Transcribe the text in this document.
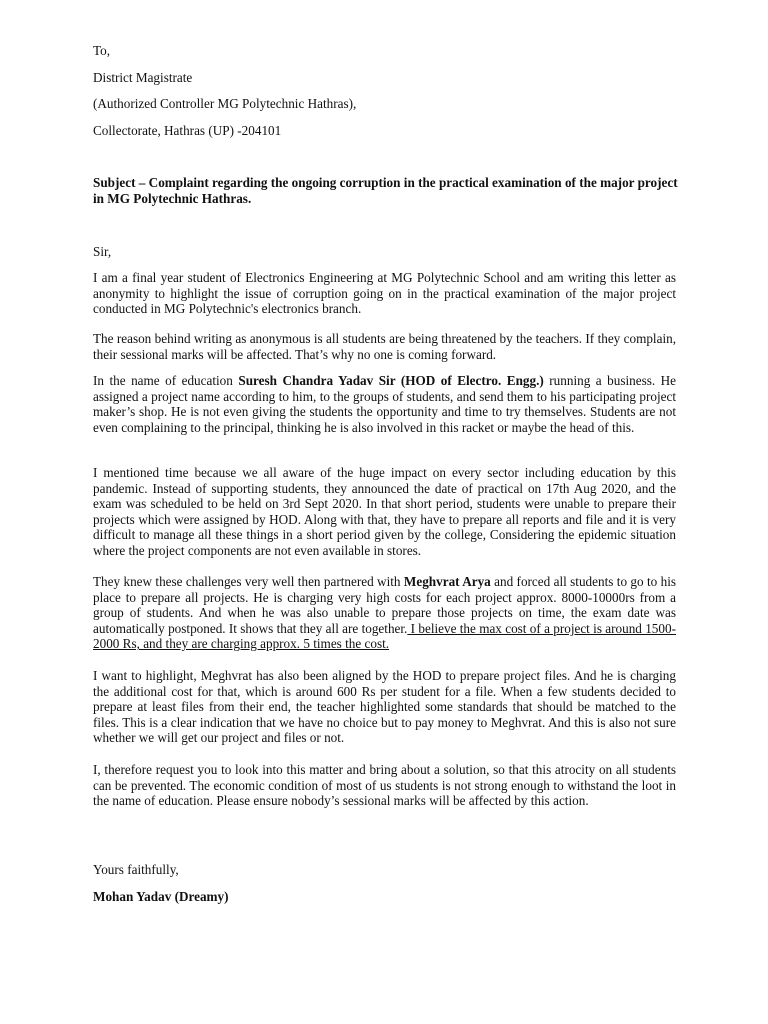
To,
District Magistrate
(Authorized Controller MG Polytechnic Hathras),
Collectorate, Hathras (UP) -204101
Subject – Complaint regarding the ongoing corruption in the practical examination of the major project in MG Polytechnic Hathras.
Sir,
I am a final year student of Electronics Engineering at MG Polytechnic School and am writing this letter as anonymity to highlight the issue of corruption going on in the practical examination of the major project conducted in MG Polytechnic's electronics branch.
The reason behind writing as anonymous is all students are being threatened by the teachers. If they complain, their sessional marks will be affected. That’s why no one is coming forward.
In the name of education Suresh Chandra Yadav Sir (HOD of Electro. Engg.) running a business. He assigned a project name according to him, to the groups of students, and send them to his participating project maker’s shop. He is not even giving the students the opportunity and time to try themselves. Students are not even complaining to the principal, thinking he is also involved in this racket or maybe the head of this.
I mentioned time because we all aware of the huge impact on every sector including education by this pandemic. Instead of supporting students, they announced the date of practical on 17th Aug 2020, and the exam was scheduled to be held on 3rd Sept 2020. In that short period, students were unable to prepare their projects which were assigned by HOD. Along with that, they have to prepare all reports and file and it is very difficult to manage all these things in a short period given by the college, Considering the epidemic situation where the project components are not even available in stores.
They knew these challenges very well then partnered with Meghvrat Arya and forced all students to go to his place to prepare all projects. He is charging very high costs for each project approx. 8000-10000rs from a group of students. And when he was also unable to prepare those projects on time, the exam date was automatically postponed. It shows that they all are together. I believe the max cost of a project is around 1500-2000 Rs, and they are charging approx. 5 times the cost.
I want to highlight, Meghvrat has also been aligned by the HOD to prepare project files. And he is charging the additional cost for that, which is around 600 Rs per student for a file. When a few students decided to prepare at least files from their end, the teacher highlighted some standards that should be matched to the files. This is a clear indication that we have no choice but to pay money to Meghvrat. And this is also not sure whether we will get our project and files or not.
I, therefore request you to look into this matter and bring about a solution, so that this atrocity on all students can be prevented. The economic condition of most of us students is not strong enough to withstand the loot in the name of education. Please ensure nobody’s sessional marks will be affected by this action.
Yours faithfully,
Mohan Yadav (Dreamy)
